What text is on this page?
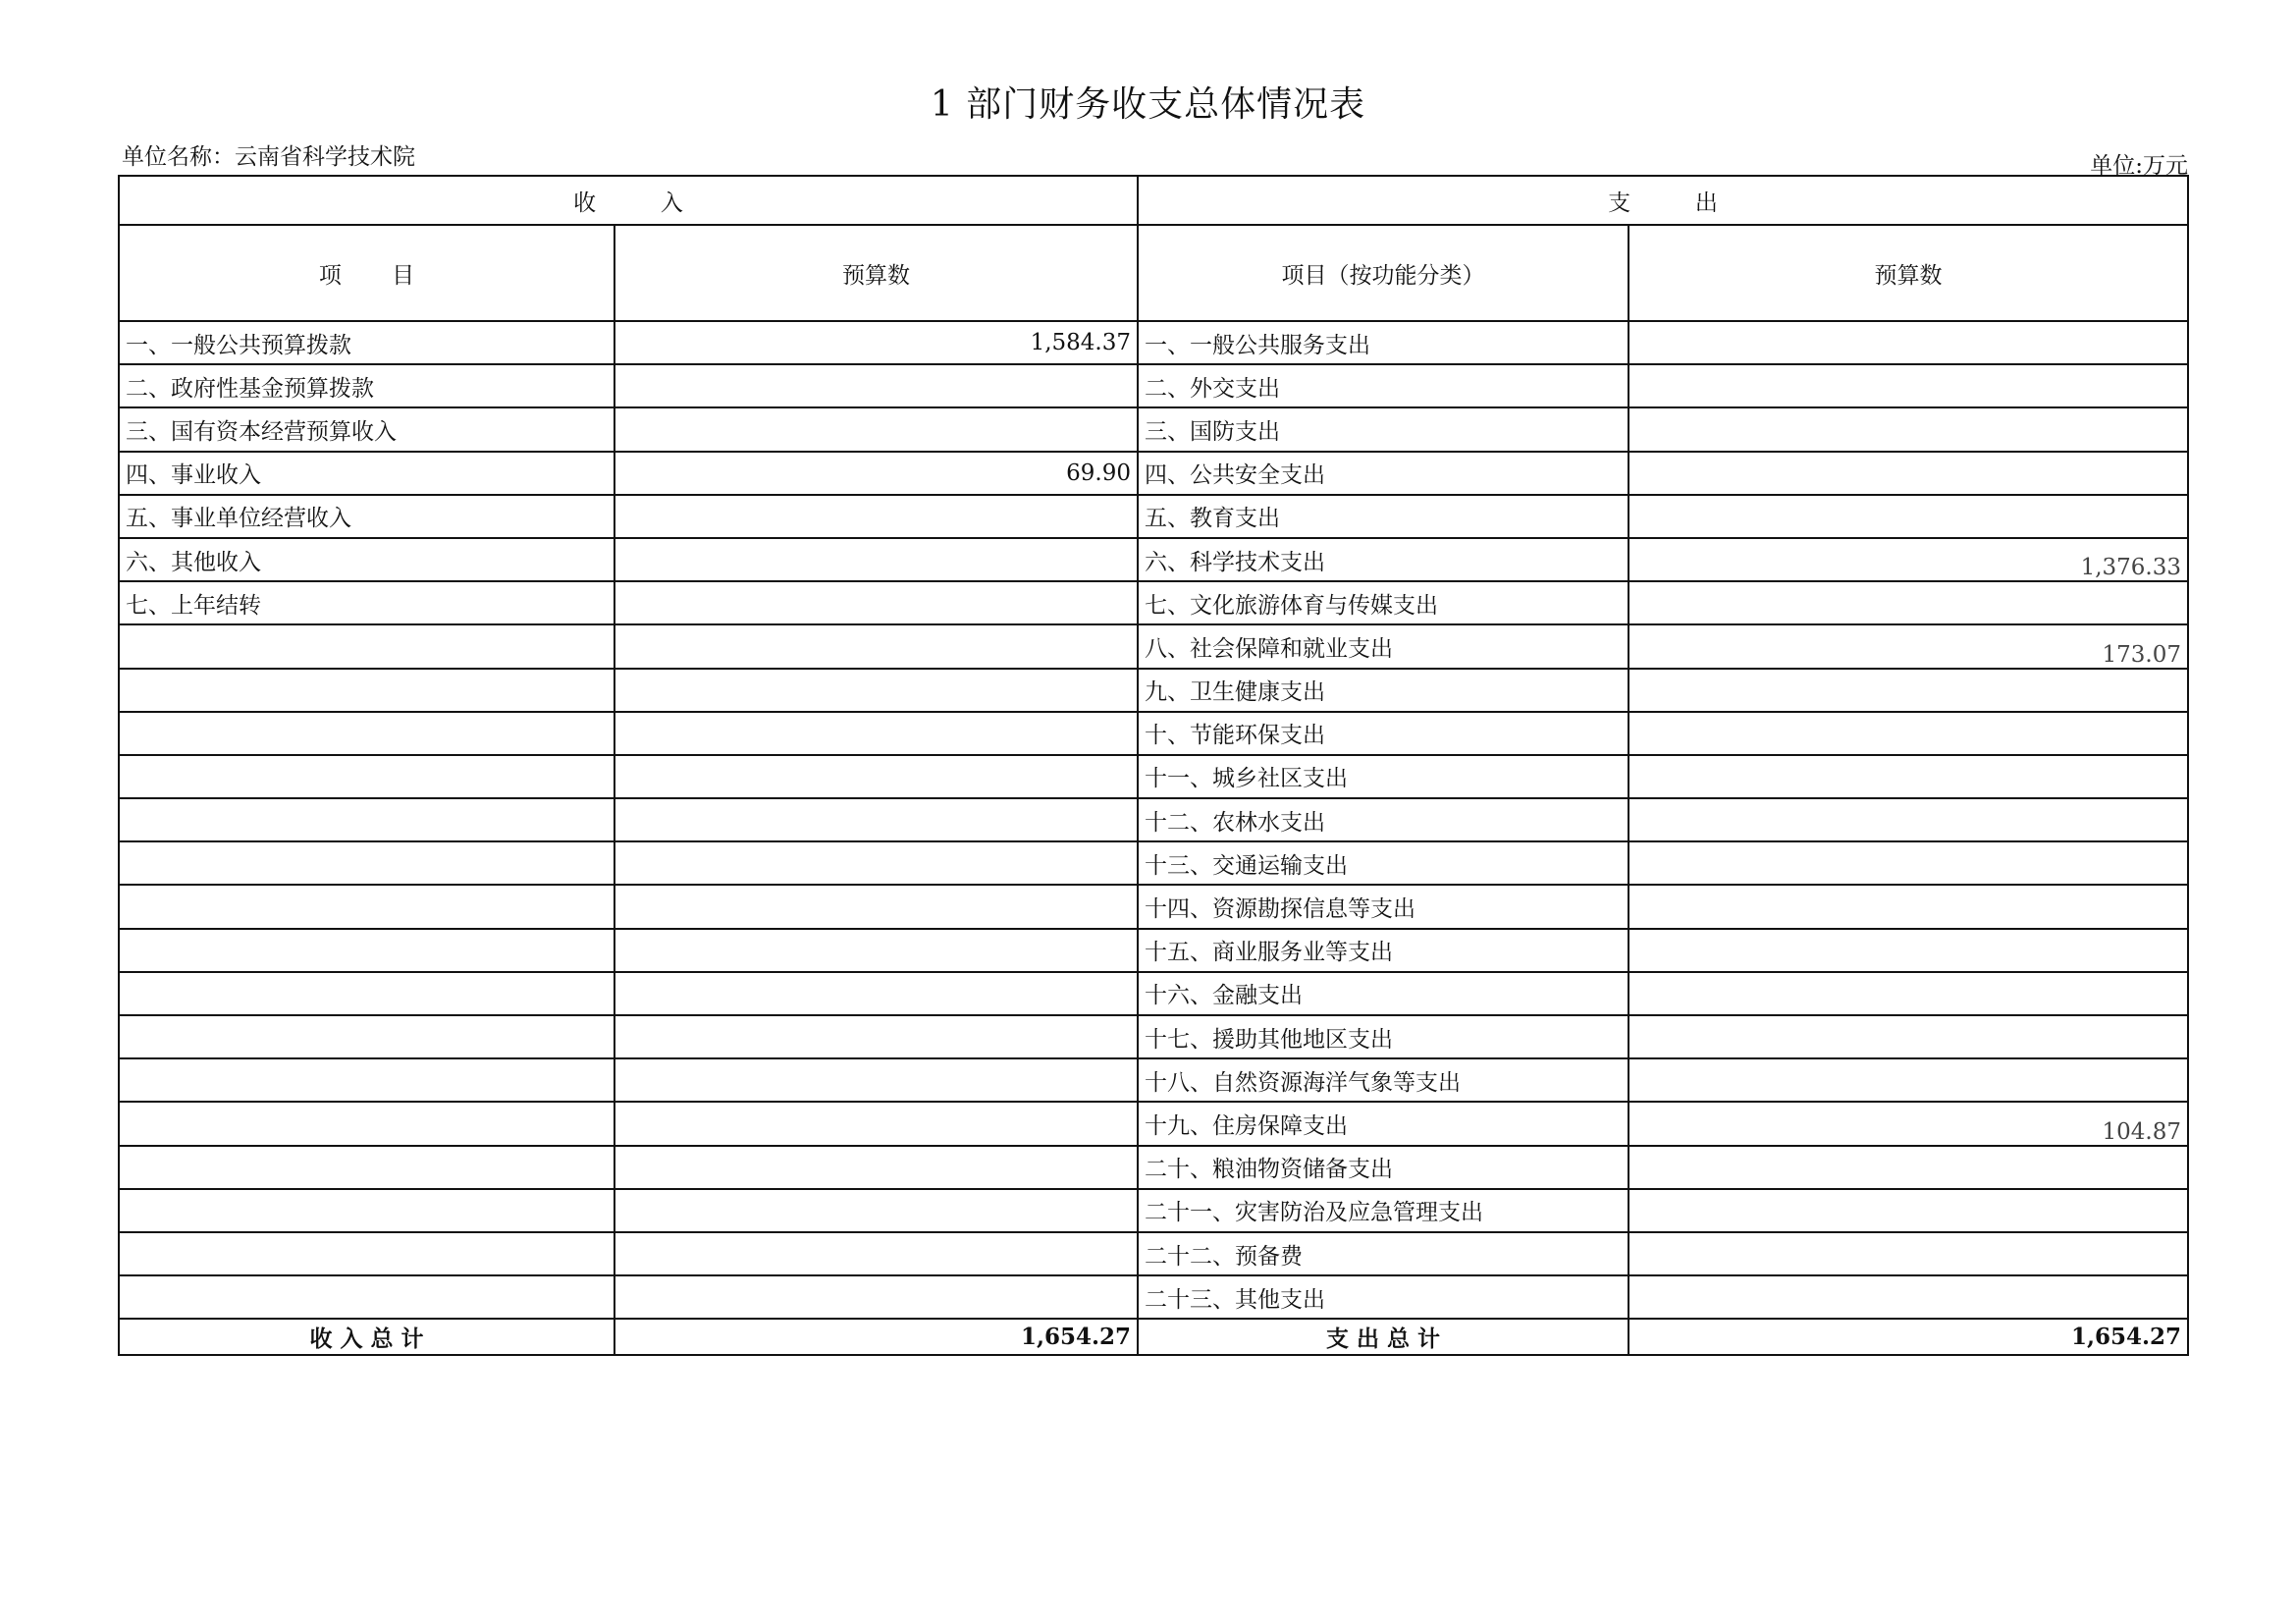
1 部门财务收支总体情况表
单位名称：云南省科学技术院	单位:万元
收         入		支         出	
项       目	预算数	项目（按功能分类）	预算数
一、一般公共预算拨款	1,584.37	一、一般公共服务支出	
二、政府性基金预算拨款		二、外交支出	
三、国有资本经营预算收入		三、国防支出	
四、事业收入	69.90	四、公共安全支出	
五、事业单位经营收入		五、教育支出	
六、其他收入		六、科学技术支出	1,376.33
七、上年结转		七、文化旅游体育与传媒支出	
		八、社会保障和就业支出	173.07
		九、卫生健康支出	
		十、节能环保支出	
		十一、城乡社区支出	
		十二、农林水支出	
		十三、交通运输支出	
		十四、资源勘探信息等支出	
		十五、商业服务业等支出	
		十六、金融支出	
		十七、援助其他地区支出	
		十八、自然资源海洋气象等支出	
		十九、住房保障支出	104.87
		二十、粮油物资储备支出	
		二十一、灾害防治及应急管理支出	
		二十二、预备费	
		二十三、其他支出	
收 入 总 计	1,654.27	支 出 总 计	1,654.27
